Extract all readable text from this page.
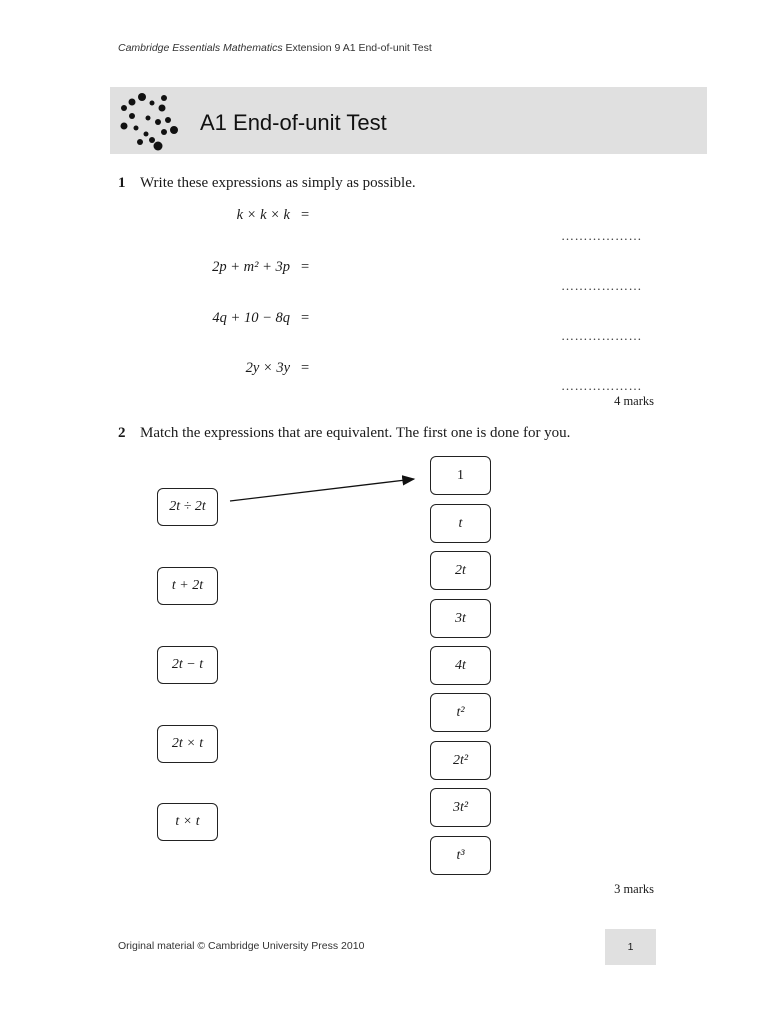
Cambridge Essentials Mathematics Extension 9 A1 End-of-unit Test
A1 End-of-unit Test
1 Write these expressions as simply as possible.
k × k × k =
………………
2p + m² + 3p =
………………
4q + 10 − 8q =
………………
2y × 3y =
………………
4 marks
2 Match the expressions that are equivalent. The first one is done for you.
2t ÷ 2t
t + 2t
2t − t
2t × t
t × t
1
t
2t
3t
4t
t²
2t²
3t²
t³
3 marks
Original material © Cambridge University Press 2010	1
